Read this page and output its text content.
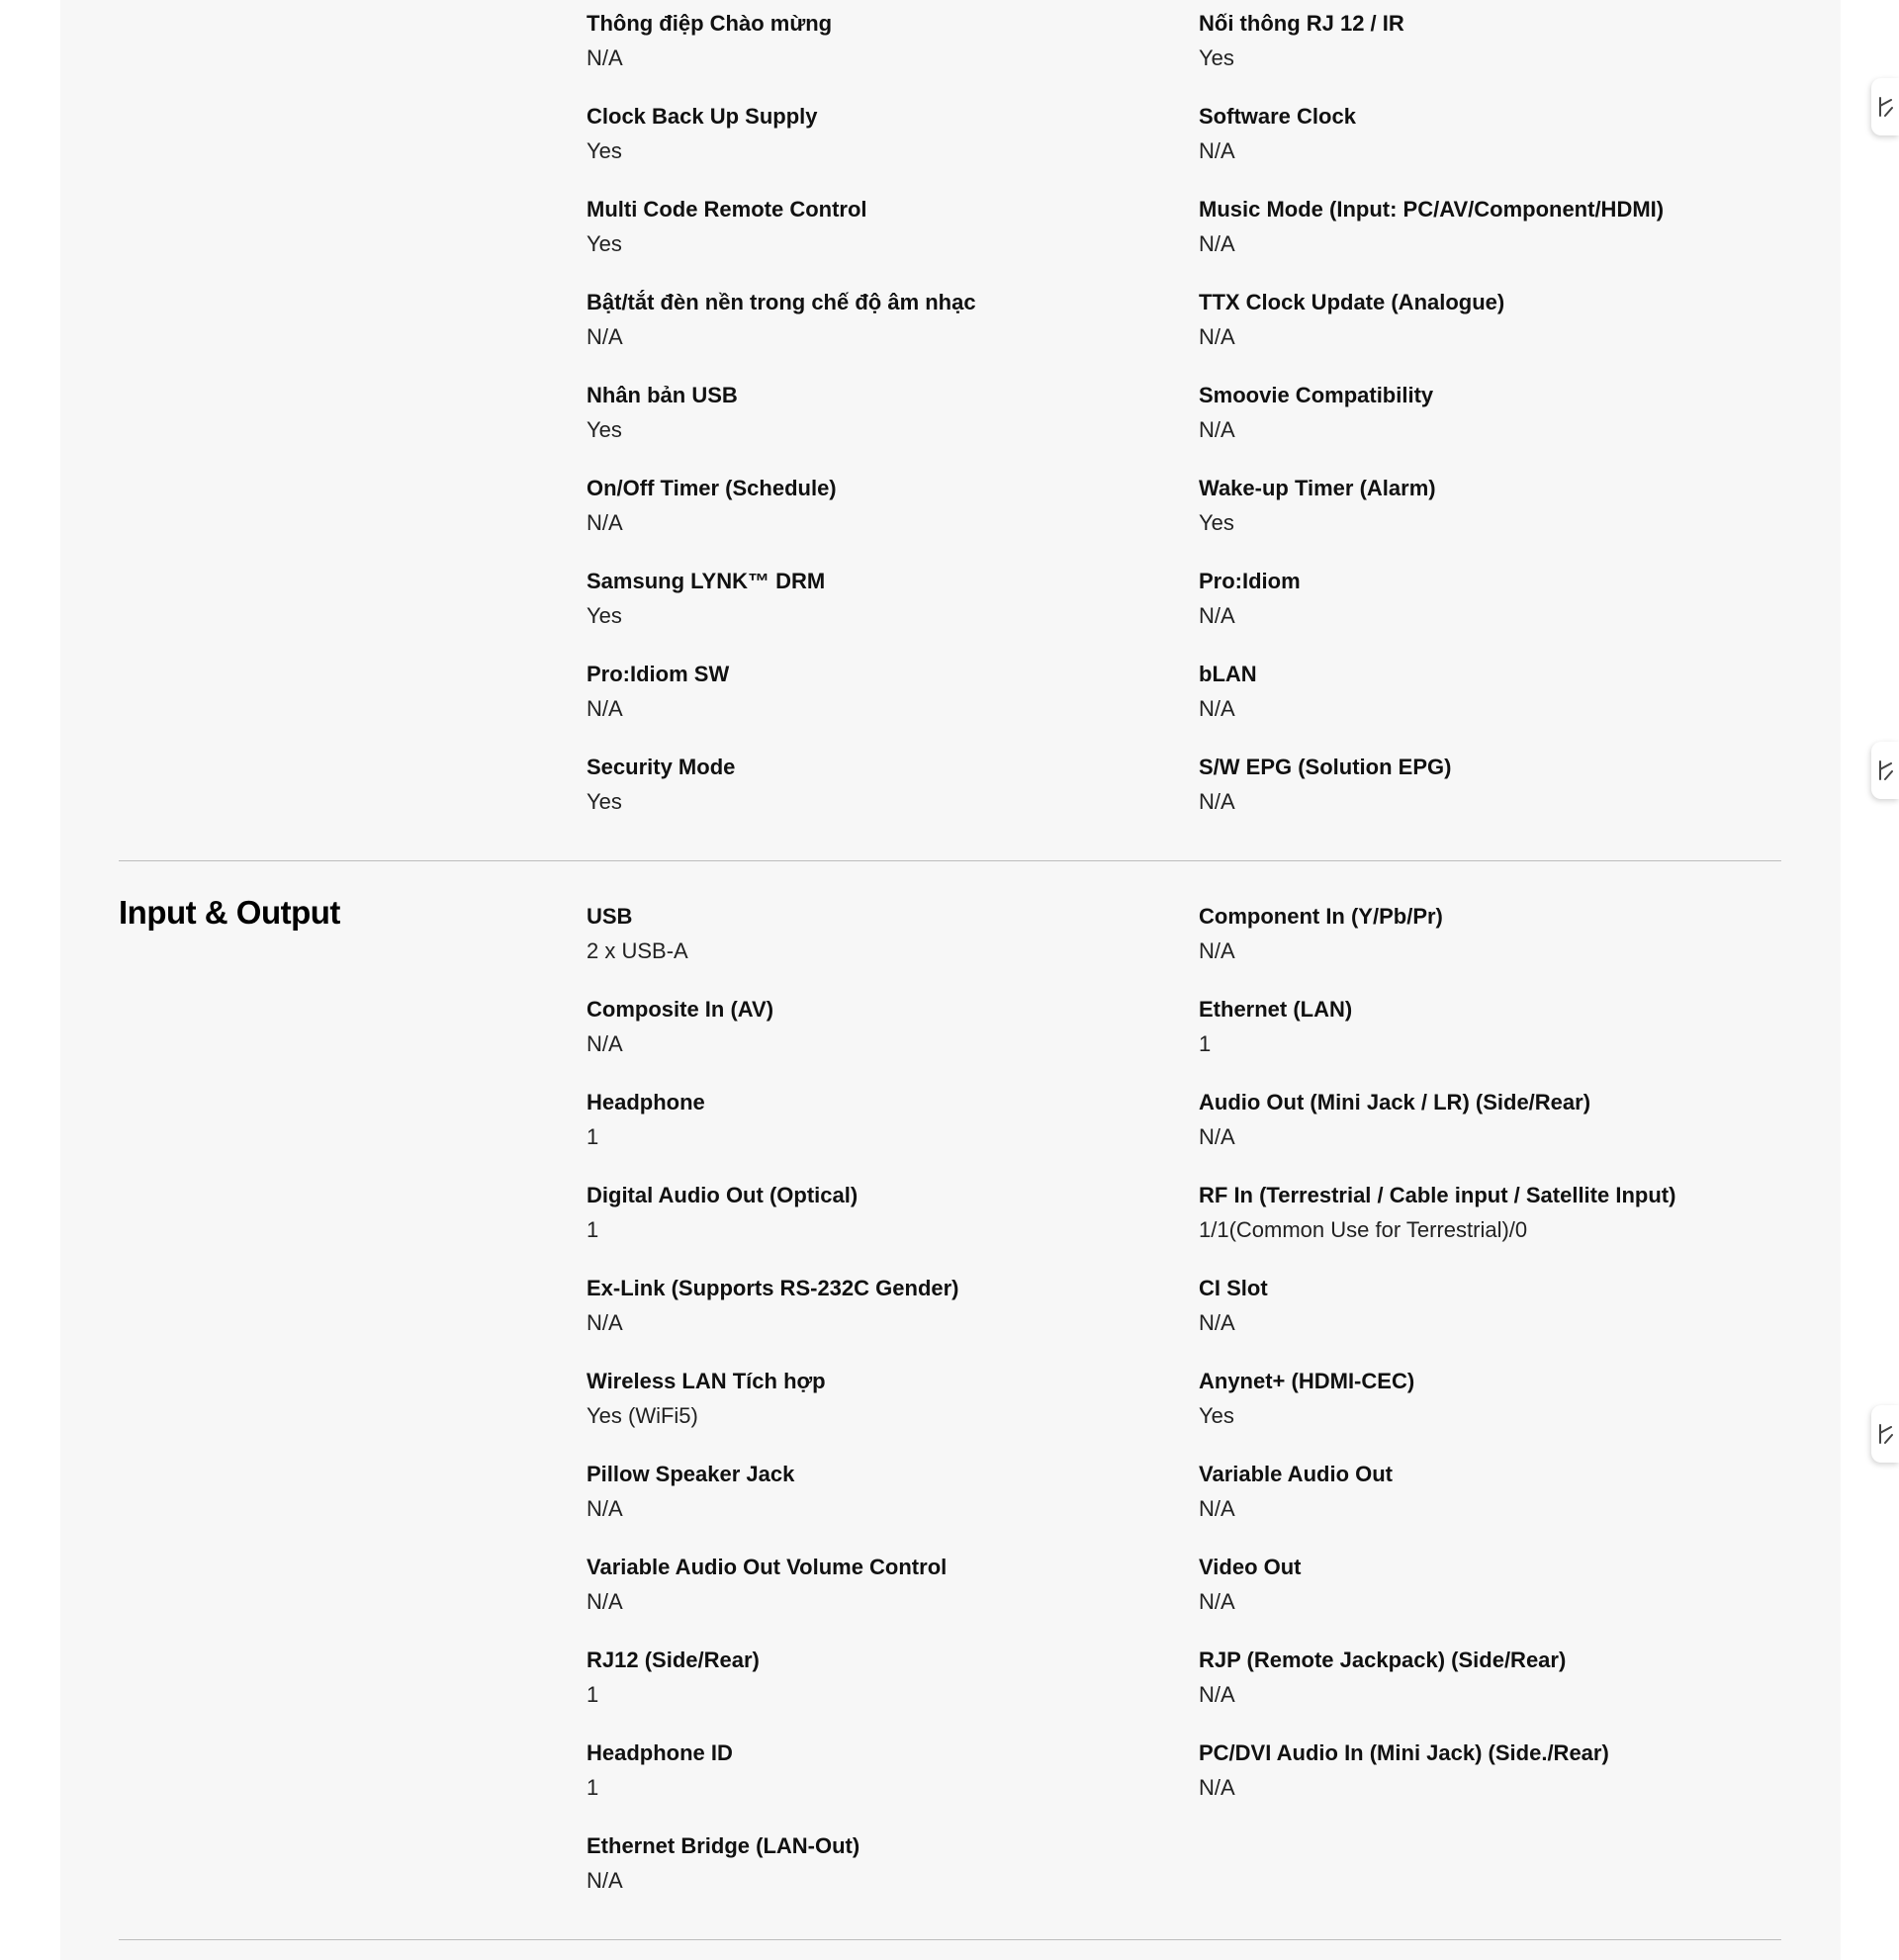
Thông điệp Chào mừng
N/A
Nối thông RJ 12 / IR
Yes
Clock Back Up Supply
Yes
Software Clock
N/A
Multi Code Remote Control
Yes
Music Mode (Input: PC/AV/Component/HDMI)
N/A
Bật/tắt đèn nền trong chế độ âm nhạc
N/A
TTX Clock Update (Analogue)
N/A
Nhân bản USB
Yes
Smoovie Compatibility
N/A
On/Off Timer (Schedule)
N/A
Wake-up Timer (Alarm)
Yes
Samsung LYNK™ DRM
Yes
Pro:Idiom
N/A
Pro:Idiom SW
N/A
bLAN
N/A
Security Mode
Yes
S/W EPG (Solution EPG)
N/A
Input & Output	USB
2 x USB-A
Component In (Y/Pb/Pr)
N/A
Composite In (AV)
N/A
Ethernet (LAN)
1
Headphone
1
Audio Out (Mini Jack / LR) (Side/Rear)
N/A
Digital Audio Out (Optical)
1
RF In (Terrestrial / Cable input / Satellite Input)
1/1(Common Use for Terrestrial)/0
Ex-Link (Supports RS-232C Gender)
N/A
CI Slot
N/A
Wireless LAN Tích hợp
Yes (WiFi5)
Anynet+ (HDMI-CEC)
Yes
Pillow Speaker Jack
N/A
Variable Audio Out
N/A
Variable Audio Out Volume Control
N/A
Video Out
N/A
RJ12 (Side/Rear)
1
RJP (Remote Jackpack) (Side/Rear)
N/A
Headphone ID
1
PC/DVI Audio In (Mini Jack) (Side./Rear)
N/A
Ethernet Bridge (LAN-Out)
N/A
